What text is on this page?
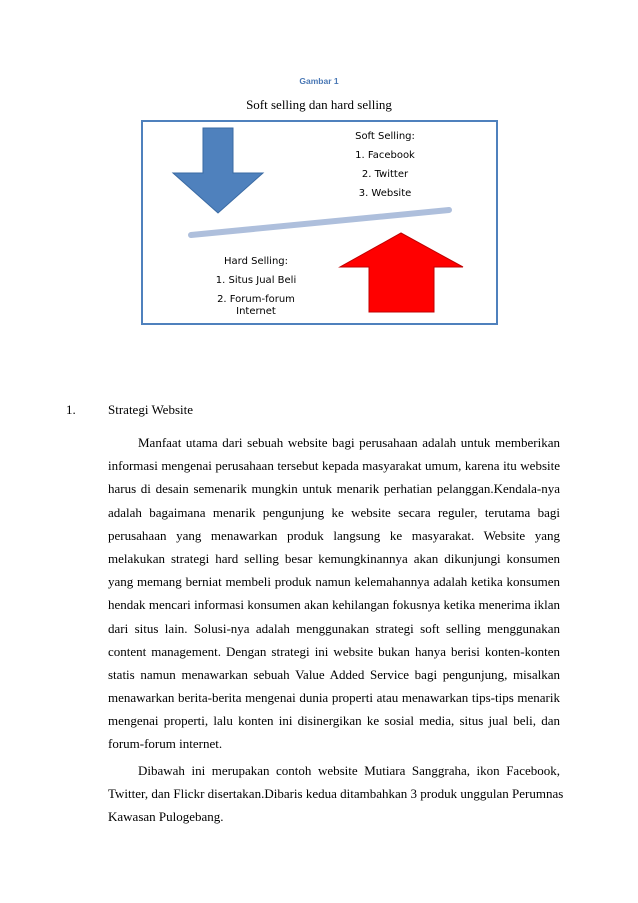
Gambar 1
Soft selling dan hard selling
Soft Selling:
1. Facebook
2. Twitter
3. Website
Hard Selling:
1. Situs Jual Beli
2. Forum-forum
Internet
1. Strategi Website
Manfaat utama dari sebuah website bagi perusahaan adalah untuk memberikan
informasi mengenai perusahaan tersebut kepada masyarakat umum, karena itu website
harus di desain semenarik mungkin untuk menarik perhatian pelanggan.Kendala-nya
adalah bagaimana menarik pengunjung ke website secara reguler, terutama bagi
perusahaan yang menawarkan produk langsung ke masyarakat. Website yang
melakukan strategi hard selling besar kemungkinannya akan dikunjungi konsumen
yang memang berniat membeli produk namun kelemahannya adalah ketika konsumen
hendak mencari informasi konsumen akan kehilangan fokusnya ketika menerima iklan
dari situs lain. Solusi-nya adalah menggunakan strategi soft selling menggunakan
content management. Dengan strategi ini website bukan hanya berisi konten-konten
statis namun menawarkan sebuah Value Added Service bagi pengunjung, misalkan
menawarkan berita-berita mengenai dunia properti atau menawarkan tips-tips menarik
mengenai properti, lalu konten ini disinergikan ke sosial media, situs jual beli, dan
forum-forum internet.
Dibawah ini merupakan contoh website Mutiara Sanggraha, ikon Facebook,
Twitter, dan Flickr disertakan.Dibaris kedua ditambahkan 3 produk unggulan Perumnas
Kawasan Pulogebang.
